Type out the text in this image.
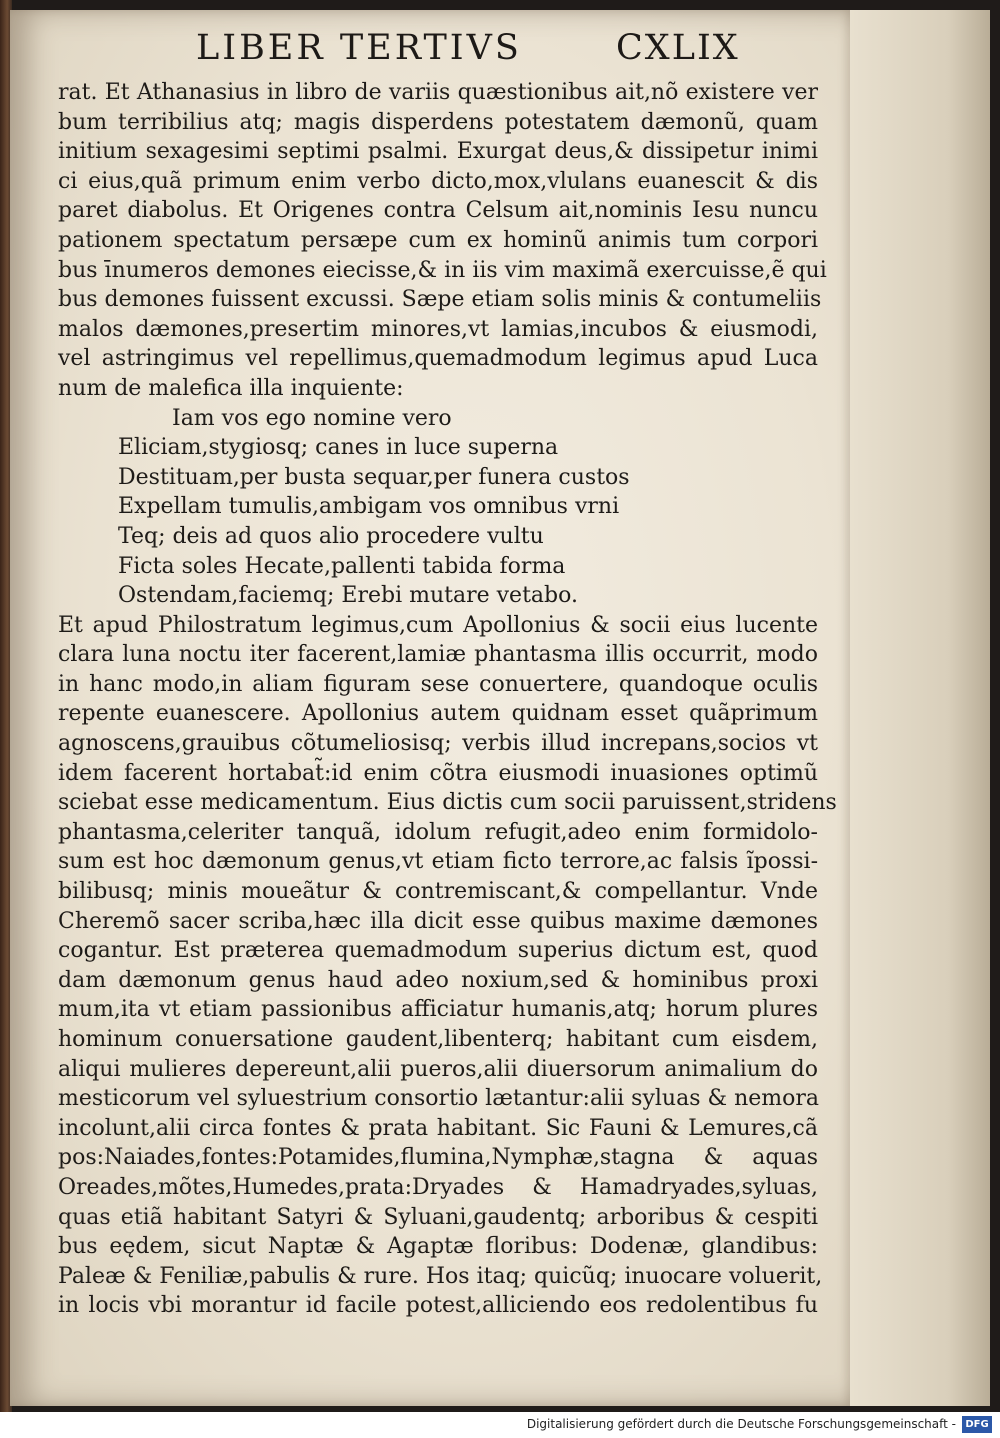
LIBER TERTIVS	CXLIX
rat. Et Athanasius in libro de variis quæstionibus ait,nõ existere ver
bum terribilius atq; magis disperdens potestatem dæmonũ, quam
initium sexagesimi septimi psalmi. Exurgat deus,& dissipetur inimi
ci eius,quã primum enim verbo dicto,mox,vlulans euanescit & dis
paret diabolus. Et Origenes contra Celsum ait,nominis Iesu nuncu
pationem spectatum persæpe cum ex hominũ animis tum corpori
bus īnumeros demones eiecisse,& in iis vim maximã exercuisse,ẽ qui
bus demones fuissent excussi. Sæpe etiam solis minis & contumeliis
malos dæmones,presertim minores,vt lamias,incubos & eiusmodi,
vel astringimus vel repellimus,quemadmodum legimus apud Luca
num de malefica illa inquiente:
Iam vos ego nomine vero
Eliciam,stygiosq; canes in luce superna
Destituam,per busta sequar,per funera custos
Expellam tumulis,ambigam vos omnibus vrni
Teq; deis ad quos alio procedere vultu
Ficta soles Hecate,pallenti tabida forma
Ostendam,faciemq; Erebi mutare vetabo.
Et apud Philostratum legimus,cum Apollonius & socii eius lucente
clara luna noctu iter facerent,lamiæ phantasma illis occurrit, modo
in hanc modo,in aliam figuram sese conuertere, quandoque oculis
repente euanescere. Apollonius autem quidnam esset quãprimum
agnoscens,grauibus cõtumeliosisq; verbis illud increpans,socios vt
idem facerent hortabat̃:id enim cõtra eiusmodi inuasiones optimũ
sciebat esse medicamentum. Eius dictis cum socii paruissent,stridens
phantasma,celeriter tanquã, idolum refugit,adeo enim formidolo-
sum est hoc dæmonum genus,vt etiam ficto terrore,ac falsis ĩpossi-
bilibusq; minis moueãtur & contremiscant,& compellantur. Vnde
Cheremõ sacer scriba,hæc illa dicit esse quibus maxime dæmones
cogantur. Est præterea quemadmodum superius dictum est, quod
dam dæmonum genus haud adeo noxium,sed & hominibus proxi
mum,ita vt etiam passionibus afficiatur humanis,atq; horum plures
hominum conuersatione gaudent,libenterq; habitant cum eisdem,
aliqui mulieres depereunt,alii pueros,alii diuersorum animalium do
mesticorum vel syluestrium consortio lætantur:alii syluas & nemora
incolunt,alii circa fontes & prata habitant. Sic Fauni & Lemures,cã
pos:Naiades,fontes:Potamides,flumina,Nymphæ,stagna & aquas
Oreades,mõtes,Humedes,prata:Dryades & Hamadryades,syluas,
quas etiã habitant Satyri & Syluani,gaudentq; arboribus & cespiti
bus eędem, sicut Naptæ & Agaptæ floribus: Dodenæ, glandibus:
Paleæ & Feniliæ,pabulis & rure. Hos itaq; quicũq; inuocare voluerit,
in locis vbi morantur id facile potest,alliciendo eos redolentibus fu
Digitalisierung gefördert durch die Deutsche Forschungsgemeinschaft - DFG
